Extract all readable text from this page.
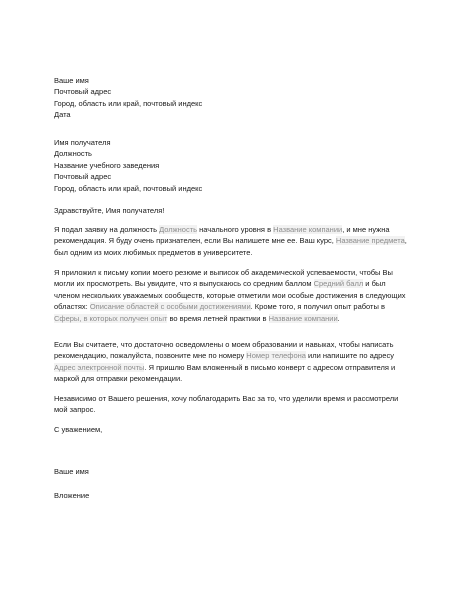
Ваше имя
Почтовый адрес
Город, область или край, почтовый индекс
Дата
Имя получателя
Должность
Название учебного заведения
Почтовый адрес
Город, область или край, почтовый индекс
Здравствуйте, Имя получателя!

Я подал заявку на должность Должность начального уровня в Название компании, и мне нужна рекомендация. Я буду очень признателен, если Вы напишете мне ее. Ваш курс, Название предмета, был одним из моих любимых предметов в университете.

Я приложил к письму копии моего резюме и выписок об академической успеваемости, чтобы Вы могли их просмотреть. Вы увидите, что я выпускаюсь со средним баллом Средний балл и был членом нескольких уважаемых сообществ, которые отметили мои особые достижения в следующих областях: Описание областей с особыми достижениями. Кроме того, я получил опыт работы в Сферы, в которых получен опыт во время летней практики в Название компании.

Если Вы считаете, что достаточно осведомлены о моем образовании и навыках, чтобы написать рекомендацию, пожалуйста, позвоните мне по номеру Номер телефона или напишите по адресу Адрес электронной почты. Я пришлю Вам вложенный в письмо конверт с адресом отправителя и маркой для отправки рекомендации.

Независимо от Вашего решения, хочу поблагодарить Вас за то, что уделили время и рассмотрели мой запрос.

С уважением,
Ваше имя
Вложение
